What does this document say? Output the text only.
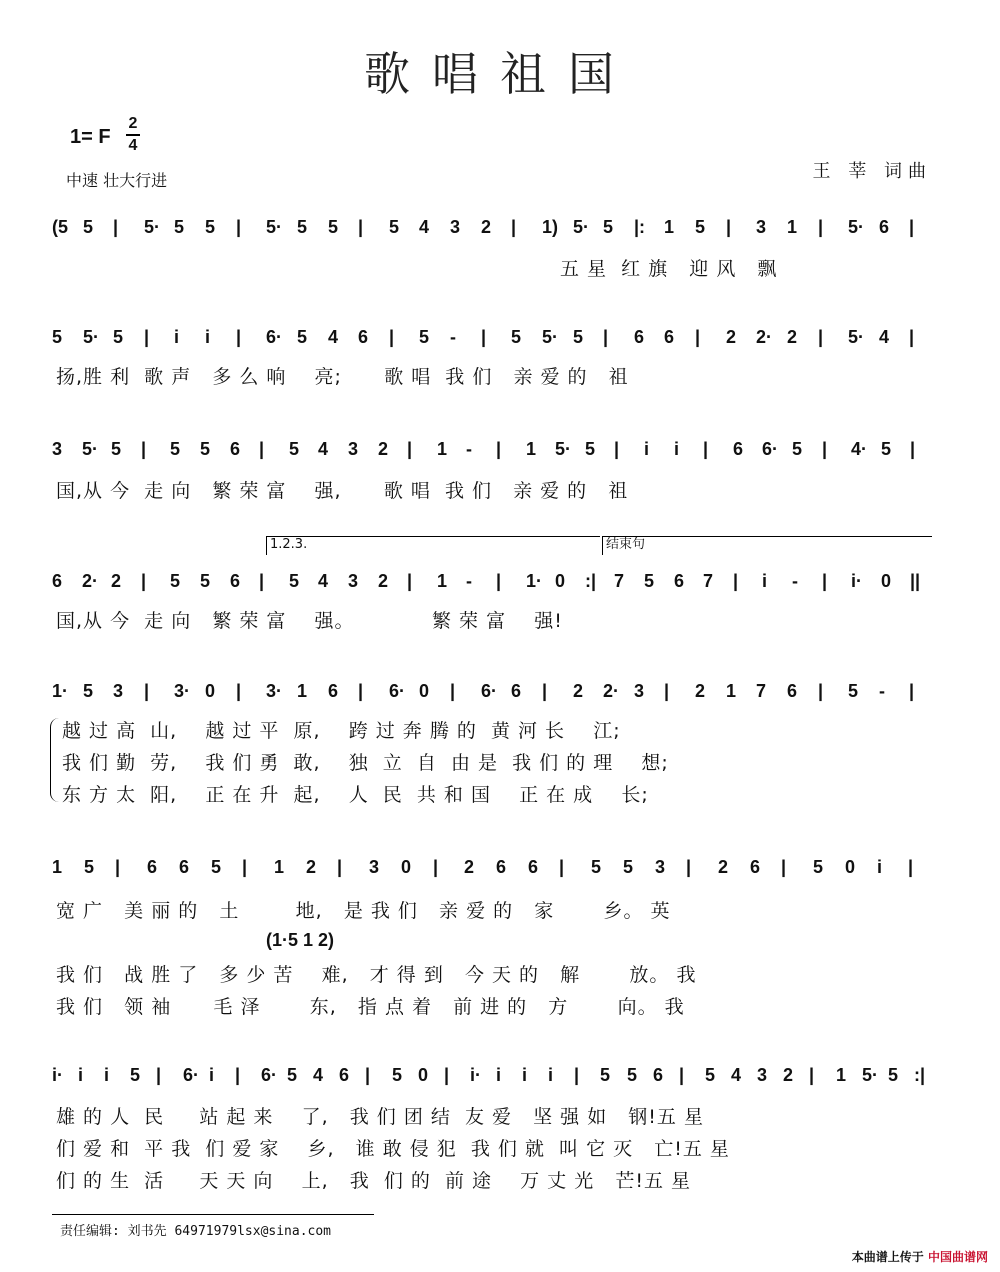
歌唱祖国
1= F
2
4
中速 壮大行进	王 莘 词曲
(5 5 | 5· 5 5 | 5· 5 5 | 5 4 3 2 | 1) 5· 5 |: 1 5 | 3 1 | 5· 6 |
五 星  红 旗   迎 风   飘
5 5· 5 | i i | 6· 5 4 6 | 5 - | 5 5· 5 | 6 6 | 2 2· 2 | 5· 4 |
扬,胜 利  歌 声   多 么 响    亮;      歌 唱  我 们   亲 爱 的   祖
3 5· 5 | 5 5 6 | 5 4 3 2 | 1 - | 1 5· 5 | i i | 6 6· 5 | 4· 5 |
国,从 今  走 向   繁 荣 富    强,      歌 唱  我 们   亲 爱 的   祖
1.2.3.	结束句
6 2· 2 | 5 5 6 | 5 4 3 2 | 1 - | 1· 0 :| 7 5 6 7 | i - | i· 0 ||
国,从 今  走 向   繁 荣 富    强。           繁 荣 富    强!
1· 5 3 | 3· 0 | 3· 1 6 | 6· 0 | 6· 6 | 2 2· 3 | 2 1 7 6 | 5 - |
越 过 高  山,    越 过 平  原,    跨 过 奔 腾 的  黄 河 长    江;
我 们 勤  劳,    我 们 勇  敢,    独  立  自  由 是  我 们 的 理    想;
东 方 太  阳,    正 在 升  起,    人  民  共 和 国    正 在 成    长;
1 5 | 6 6 5 | 1 2 | 3 0 | 2 6 6 | 5 5 3 | 2 6 | 5 0 i |
宽 广   美 丽 的   土        地,   是 我 们   亲 爱 的   家       乡。 英
(1·5 1 2)
我 们   战 胜 了   多 少 苦    难,   才 得 到   今 天 的   解       放。 我
我 们   领 袖      毛 泽       东,   指 点 着   前 进 的   方       向。 我
i· i i 5 | 6· i | 6· 5 4 6 | 5 0 | i· i i i | 5 5 6 | 5 4 3 2 | 1 5· 5 :|
雄 的 人  民     站 起 来    了,   我 们 团 结  友 爱   坚 强 如   钢!五 星
们 爱 和  平 我  们 爱 家    乡,   谁 敢 侵 犯  我 们 就  叫 它 灭   亡!五 星
们 的 生  活     天 天 向    上,   我  们 的  前 途    万 丈 光   芒!五 星
责任编辑: 刘书先 64971979lsx@sina.com
本曲谱上传于 中国曲谱网
